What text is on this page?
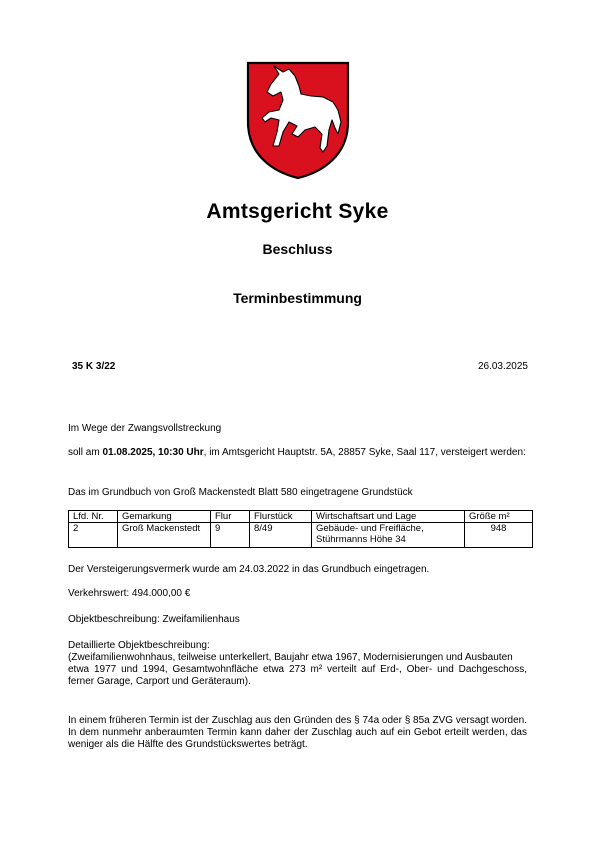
Amtsgericht Syke
Beschluss
Terminbestimmung
35 K 3/22	26.03.2025
Im Wege der Zwangsvollstreckung
soll am 01.08.2025, 10:30 Uhr, im Amtsgericht Hauptstr. 5A, 28857 Syke, Saal 117, versteigert werden:
Das im Grundbuch von Groß Mackenstedt Blatt 580 eingetragene Grundstück
Lfd. Nr.	Gemarkung	Flur	Flurstück	Wirtschaftsart und Lage	Größe m²
2	Groß Mackenstedt	9	8/49	Gebäude- und Freifläche, Stührmanns Höhe 34	948
Der Versteigerungsvermerk wurde am 24.03.2022 in das Grundbuch eingetragen.
Verkehrswert: 494.000,00 €
Objektbeschreibung: Zweifamilienhaus
Detaillierte Objektbeschreibung:
(Zweifamilienwohnhaus, teilweise unterkellert, Baujahr etwa 1967, Modernisierungen und Ausbauten
etwa 1977 und 1994, Gesamtwohnfläche etwa 273 m² verteilt auf Erd-, Ober- und Dachgeschoss, ferner Garage, Carport und Geräteraum).
In einem früheren Termin ist der Zuschlag aus den Gründen des § 74a oder § 85a ZVG versagt worden. In dem nunmehr anberaumten Termin kann daher der Zuschlag auch auf ein Gebot erteilt werden, das weniger als die Hälfte des Grundstückswertes beträgt.
